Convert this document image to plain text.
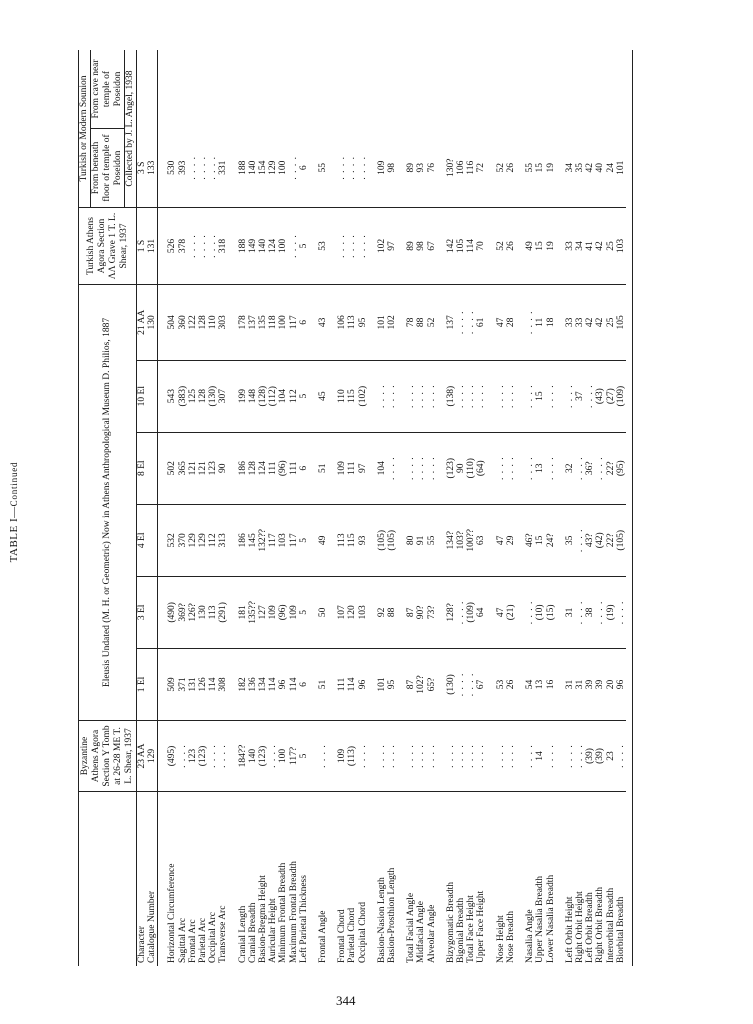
TABLE I—Continued
	Byzantine Athens Agora Section Y Tomb at 26-28 ME T. L. Shear, 1937	Eleusis Undated (M. H. or Geometric) Now in Athens Anthropological Museum D. Philios, 1887						Turkish Athens Agora Section ΛΛ Grave 1 T. L. Shear, 1937	Turkish or Modern Sounion	
									From beneath floor of temple of Poseidon	From cave near temple of Poseidon
									Collected by J. L. Angel, 1938	
Character	23 AA	1 El	3 El	4 El	8 El	10 El	21 AA	1 S	3 S	
Catalogue Number	129						130	131	133	

Horizontal Circumference	(495)	509	(490)	532	502	543	504	526	530	
Sagittal Arc	. . . .	371	369?	370	365	(383)	360	378	393	
Frontal Arc	123	131	126?	129	121	125	122	. . . .	. . . .	
Parietal Arc	(123)	126	130	129	121	128	128	. . . .	. . . .	
Occipital Arc	. . . .	114	113	112	123	(130)	110	. . . .	. . . .	
Transverse Arc	. . . .	308	(291)	313	90	307	303	318	331	

Cranial Length	184??	182	181	186	186	199	178	188	188	
Cranial Breadth	140	136	135??	145	128	148	137	149	140	
Basion-Bregma Height	(123)	134	127	132??	124	(128)	135	140	154	
Auricular Height	. . . .	114	109	117	111	(112)	118	124	129	
Minimum Frontal Breadth	100	96	(96)	103	(96)	104	100	100	100	
Maximum Frontal Breadth	117?	114	109	117	111	112	117	. . . .	. . . .	
Left Parietal Thickness	5	6	5	5	6	5	6	5	6	

Frontal Angle	. . . .	51	50	49	51	45	43	53	55	

Frontal Chord	109	111	107	113	109	110	106	. . . .	. . . .	
Parietal Chord	(113)	114	120	115	111	115	113	. . . .	. . . .	
Occipital Chord	. . . .	96	103	93	97	(102)	95	. . . .	. . . .	

Basion-Nasion Length	. . . .	101	92	(105)	104	. . . .	101	102	109	
Basion-Prosthion Length	. . . .	95	88	(105)	. . . .	. . . .	102	97	98	

Total Facial Angle	. . . .	87	87	80	. . . .	. . . .	78	89	89	
Midfacial Angle	. . . .	102?	90?	91	. . . .	. . . .	88	98	93	
Alveolar Angle	. . . .	65?	73?	55	. . . .	. . . .	52	67	76	

Bizygomatic Breadth	. . . .	(130)	128?	134?	(123)	(138)	137	142	130?	
Bigonial Breadth	. . . .	. . . .	. . . .	103?	90	. . . .	. . . .	105	106	
Total Face Height	. . . .	. . . .	(109)	100??	(110)	. . . .	. . . .	114	116	
Upper Face Height	. . . .	67	64	63	(64)	. . . .	61	70	72	

Nose Height	. . . .	53	47	47	. . . .	. . . .	47	52	52	
Nose Breadth	. . . .	26	(21)	29	. . . .	. . . .	28	26	26	

Nasalia Angle	. . . .	54	. . . .	46?	. . . .	. . . .	. . . .	49	55	
Upper Nasalia Breadth	14	13	(10)	15	13	15	11	15	15	
Lower Nasalia Breadth	. . . .	16	(15)	24?	. . . .	. . . .	18	19	19	

Left Orbit Height	. . . .	31	31	35	32	. . . .	33	33	34	
Right Orbit Height	. . . .	31	. . . .	. . . .	. . . .	37	33	34	35	
Left Orbit Breadth	(39)	39	38	43?	36?	. . . .	42	41	42	
Right Orbit Breadth	(39)	39	. . . .	(42)	. . . .	(43)	42	42	40	
Interorbital Breadth	23	20	(19)	22?	22?	(27)	25	25	24	
Biorbital Breadth	. . . .	96	. . . .	(105)	(95)	(109)	105	103	101	

344
